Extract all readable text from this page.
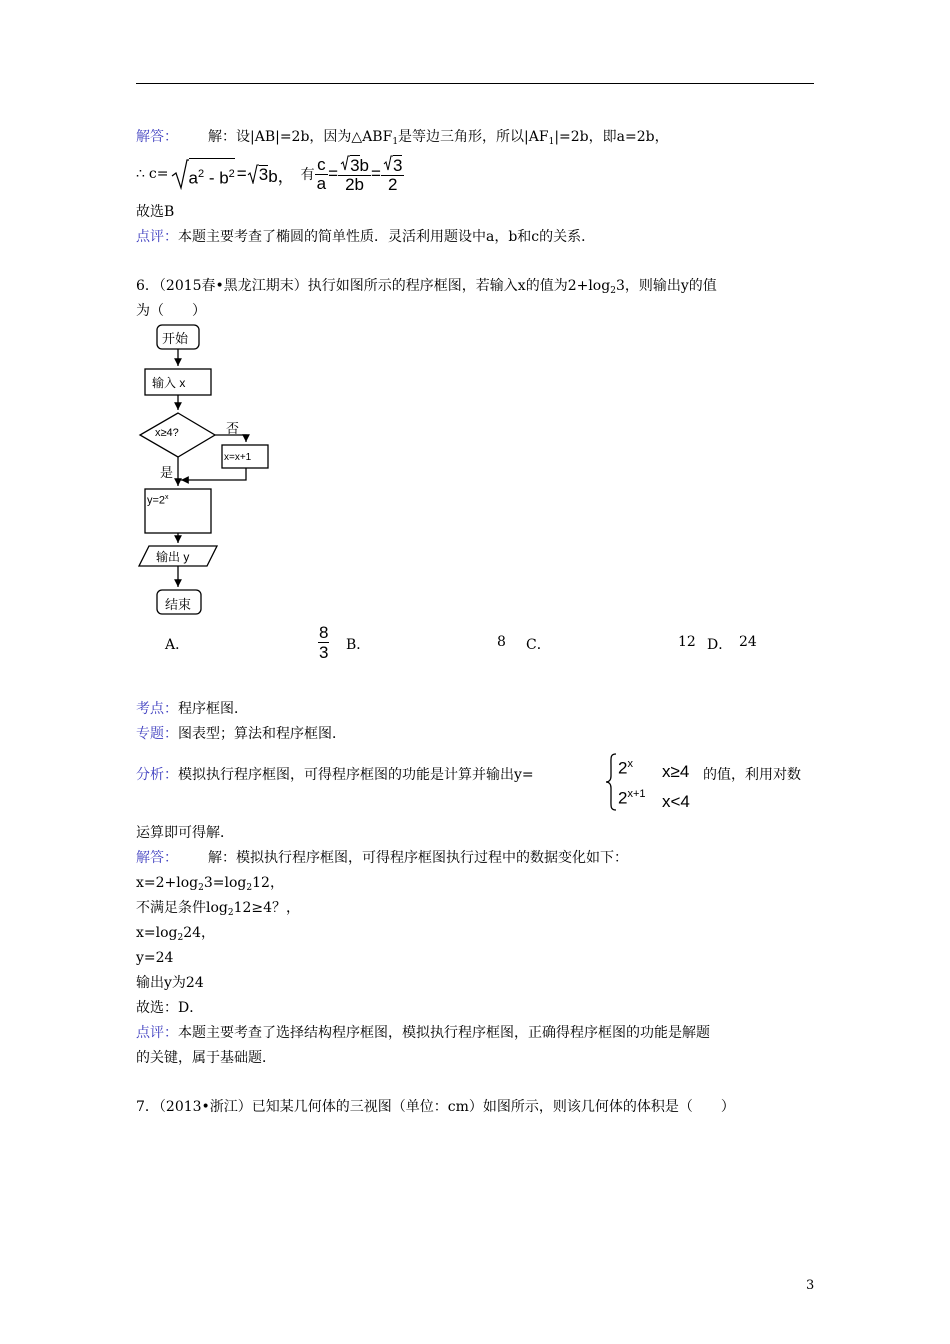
解答： 解：设|AB|=2b，因为$\triangle ABF_1$是等边三角形，所以$|AF_1|=2b$，即a=2b，
∴ $c= a^2 - b^2 = 3$ b， 有 $\frac{c}{a} = \frac{3b}{2b} = \frac{3}{2}$
故选B
点评：本题主要考查了椭圆的简单性质．灵活利用题设中a，b和c的关系．
6．（2015春•黑龙江期末）执行如图所示的程序框图，若输入x的值为$2+\log_23$，则输出y的值
为（　　）
开始
输入 x
x≥4?	否
x=x+1
是
$y=2^x$
输出 y
结束
A．
8
3 B．	8 C．	12 D． 24
考点：程序框图．
专题：图表型；算法和程序框图．
分析：模拟执行程序框图，可得程序框图的功能是计算并输出y=	$2^x$ x≥4
$2^{x+1}$ x<4
的值，利用对数
运算即可得解．
解答： 解：模拟执行程序框图，可得程序框图执行过程中的数据变化如下：
$x=2+\log_23=\log_212$，
不满足条件$\log_212\ge 4$？，
$x=\log_224$，
y=24
输出y为24
故选：D．
点评：本题主要考查了选择结构程序框图，模拟执行程序框图，正确得程序框图的功能是解题
的关键，属于基础题．
7．（2013•浙江）已知某几何体的三视图（单位：cm）如图所示，则该几何体的体积是（　　）
3
